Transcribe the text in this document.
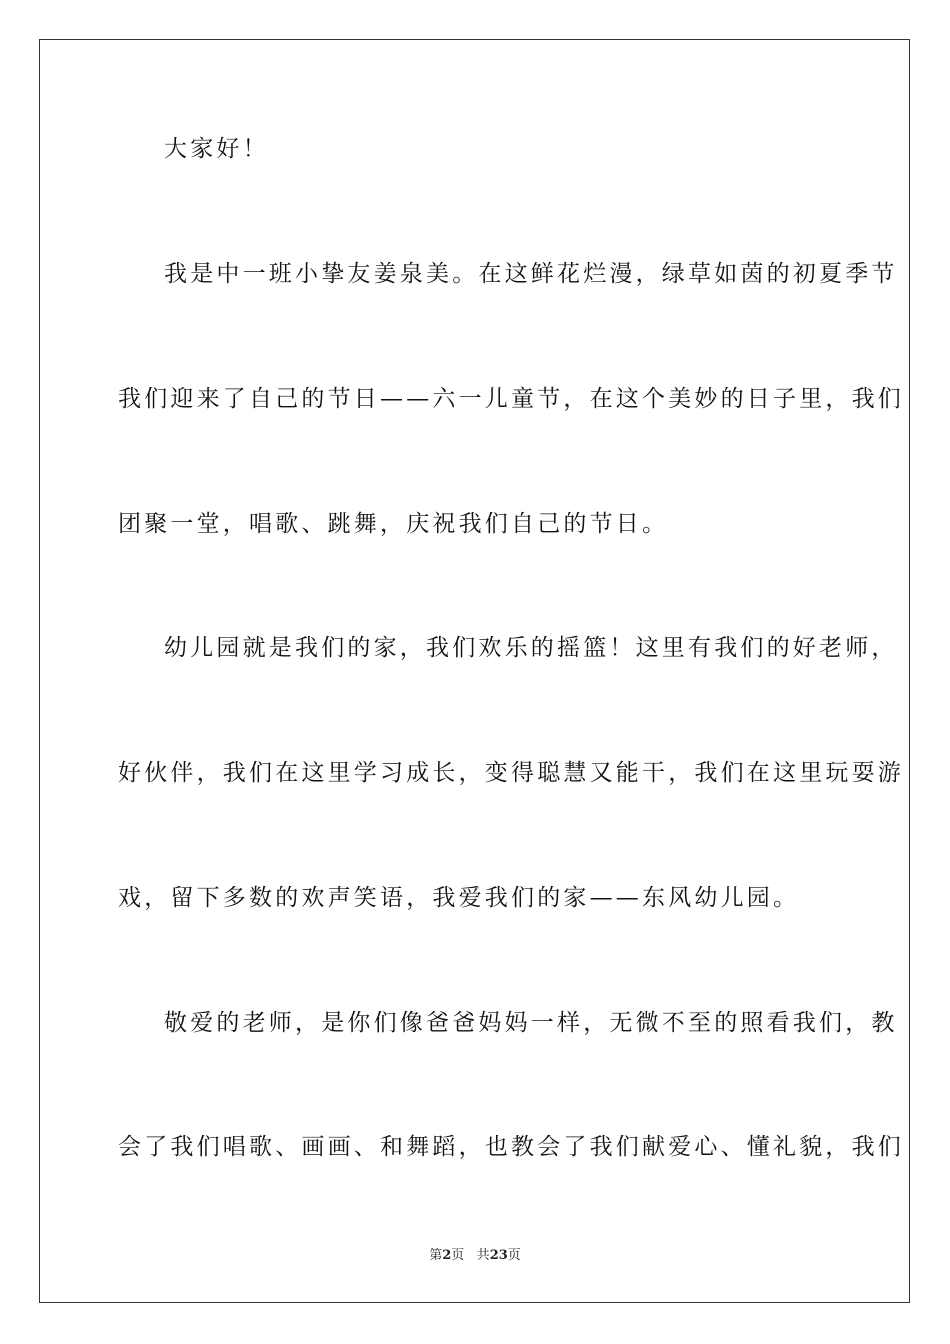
大家好！
我是中一班小挚友姜泉美。在这鲜花烂漫，绿草如茵的初夏季节
我们迎来了自己的节日——六一儿童节，在这个美妙的日子里，我们
团聚一堂，唱歌、跳舞，庆祝我们自己的节日。
幼儿园就是我们的家，我们欢乐的摇篮！这里有我们的好老师，
好伙伴，我们在这里学习成长，变得聪慧又能干，我们在这里玩耍游
戏，留下多数的欢声笑语，我爱我们的家——东风幼儿园。
敬爱的老师，是你们像爸爸妈妈一样，无微不至的照看我们，教
会了我们唱歌、画画、和舞蹈，也教会了我们献爱心、懂礼貌，我们
第2页 共23页
